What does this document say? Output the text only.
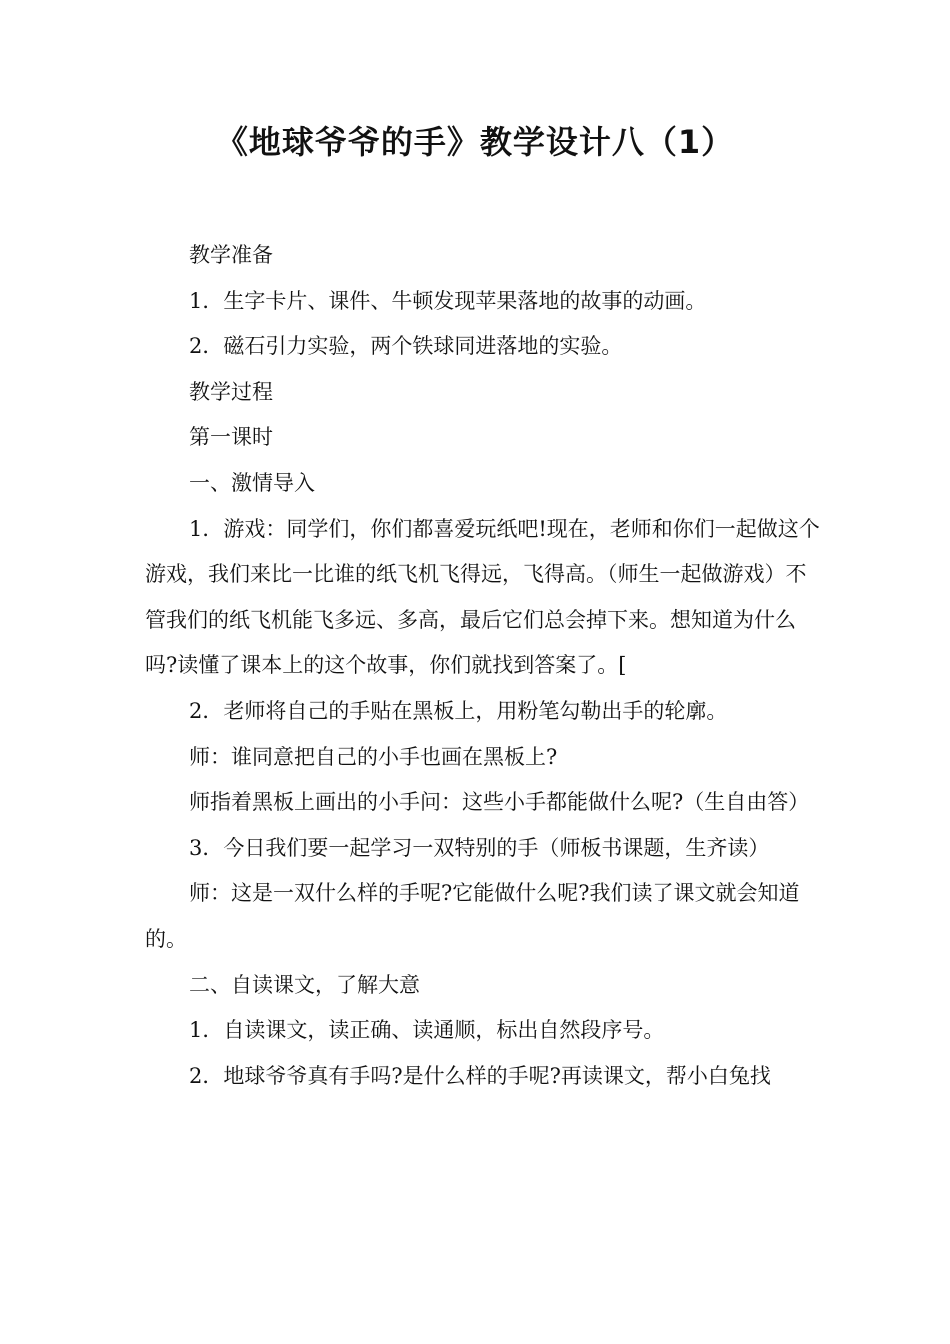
《地球爷爷的手》教学设计八（1）

教学准备

1．生字卡片、课件、牛顿发现苹果落地的故事的动画。

2．磁石引力实验，两个铁球同进落地的实验。

教学过程

第一课时

一、激情导入

1．游戏：同学们，你们都喜爱玩纸吧!现在，老师和你们一起做这个游戏，我们来比一比谁的纸飞机飞得远，飞得高。（师生一起做游戏）不管我们的纸飞机能飞多远、多高，最后它们总会掉下来。想知道为什么吗?读懂了课本上的这个故事，你们就找到答案了。[

2．老师将自己的手贴在黑板上，用粉笔勾勒出手的轮廓。

师：谁同意把自己的小手也画在黑板上?

师指着黑板上画出的小手问：这些小手都能做什么呢?（生自由答）

3．今日我们要一起学习一双特别的手（师板书课题，生齐读）

师：这是一双什么样的手呢?它能做什么呢?我们读了课文就会知道的。

二、自读课文，了解大意

1．自读课文，读正确、读通顺，标出自然段序号。

2．地球爷爷真有手吗?是什么样的手呢?再读课文，帮小白兔找
